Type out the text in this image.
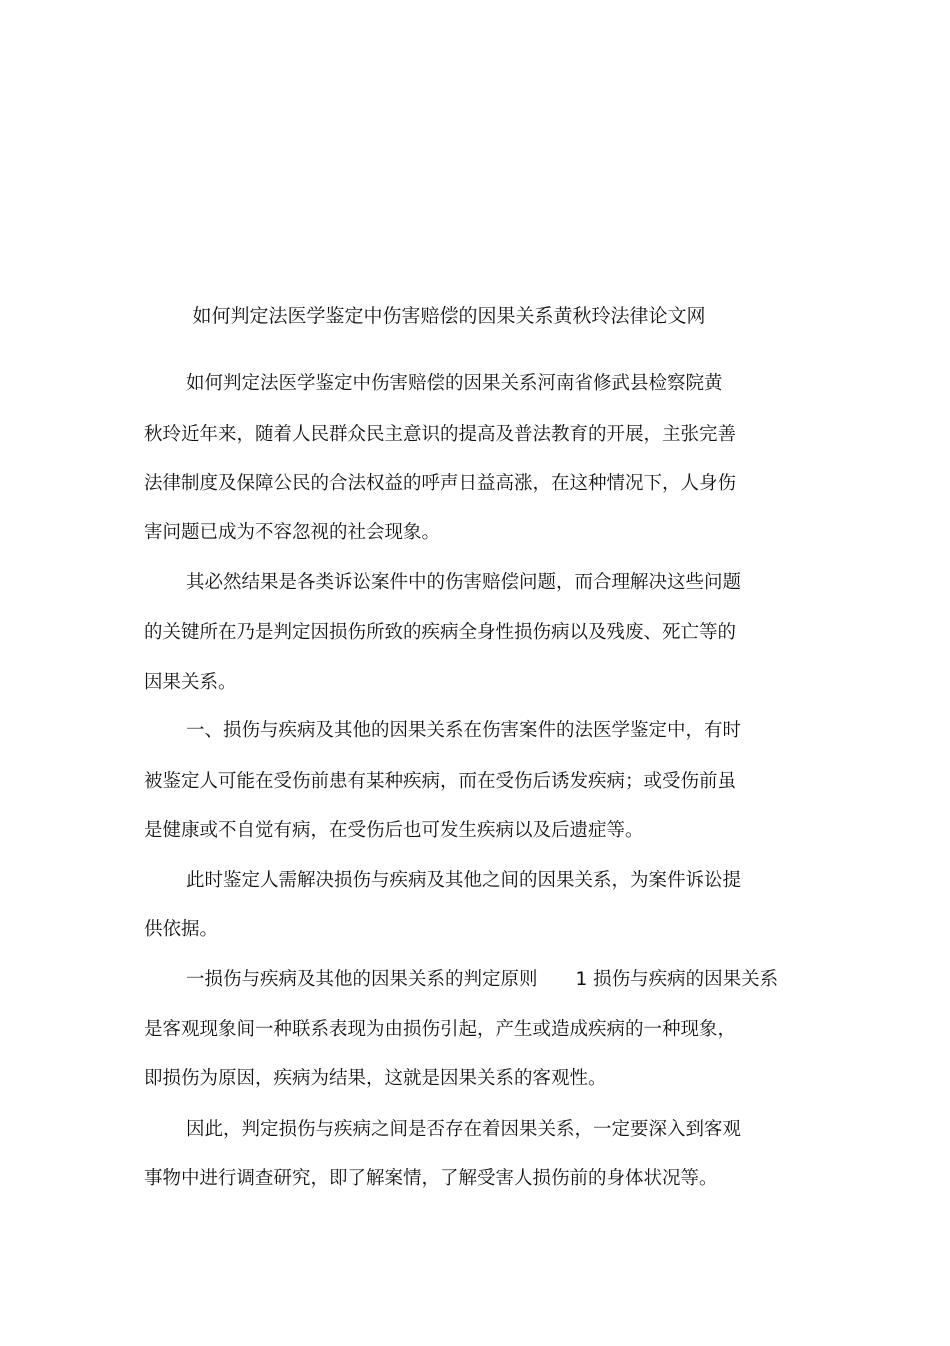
如何判定法医学鉴定中伤害赔偿的因果关系黄秋玲法律论文网
如何判定法医学鉴定中伤害赔偿的因果关系河南省修武县检察院黄
秋玲近年来，随着人民群众民主意识的提高及普法教育的开展，主张完善
法律制度及保障公民的合法权益的呼声日益高涨，在这种情况下，人身伤
害问题已成为不容忽视的社会现象。
其必然结果是各类诉讼案件中的伤害赔偿问题，而合理解决这些问题
的关键所在乃是判定因损伤所致的疾病全身性损伤病以及残废、死亡等的
因果关系。
一、损伤与疾病及其他的因果关系在伤害案件的法医学鉴定中，有时
被鉴定人可能在受伤前患有某种疾病，而在受伤后诱发疾病；或受伤前虽
是健康或不自觉有病，在受伤后也可发生疾病以及后遗症等。
此时鉴定人需解决损伤与疾病及其他之间的因果关系，为案件诉讼提
供依据。
一损伤与疾病及其他的因果关系的判定原则 1 损伤与疾病的因果关系
是客观现象间一种联系表现为由损伤引起，产生或造成疾病的一种现象，
即损伤为原因，疾病为结果，这就是因果关系的客观性。
因此，判定损伤与疾病之间是否存在着因果关系，一定要深入到客观
事物中进行调查研究，即了解案情，了解受害人损伤前的身体状况等。
